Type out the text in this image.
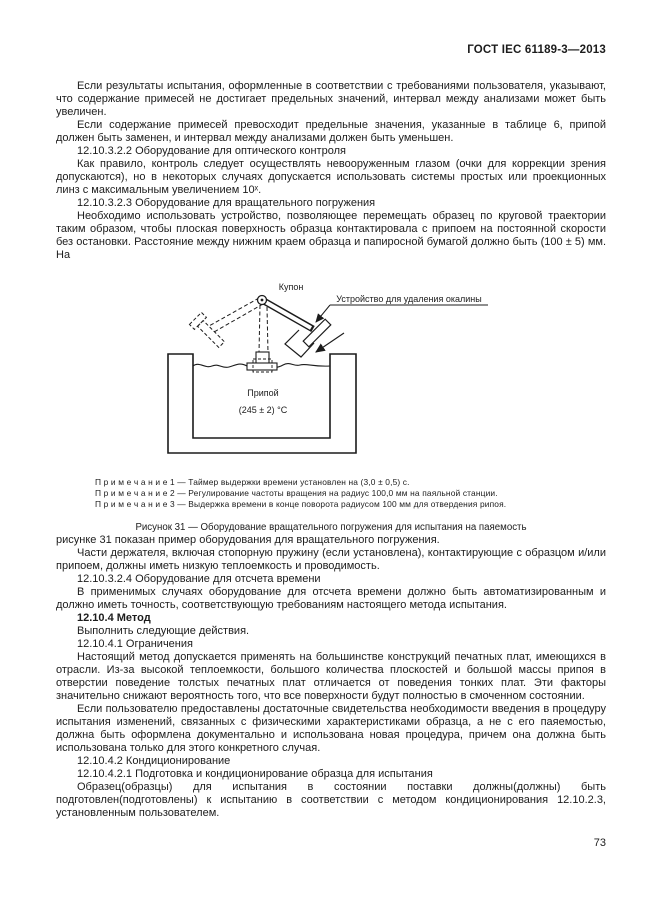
ГОСТ IEC 61189-3—2013

Если результаты испытания, оформленные в соответствии с требованиями пользователя, указывают, что содержание примесей не достигает предельных значений, интервал между анализами может быть увеличен.

Если содержание примесей превосходит предельные значения, указанные в таблице 6, припой должен быть заменен, и интервал между анализами должен быть уменьшен.

12.10.3.2.2 Оборудование для оптического контроля

Как правило, контроль следует осуществлять невооруженным глазом (очки для коррекции зрения допускаются), но в некоторых случаях допускается использовать системы простых или проекционных линз с максимальным увеличением 10ˣ.

12.10.3.2.3 Оборудование для вращательного погружения

Необходимо использовать устройство, позволяющее перемещать образец по круговой траектории таким образом, чтобы плоская поверхность образца контактировала с припоем на постоянной скорости без остановки. Расстояние между нижним краем образца и папиросной бумагой должно быть (100 ± 5) мм. На

Купон
Устройство для удаления окалины
Припой
(245 ± 2) °С

П р и м е ч а н и е 1 — Таймер выдержки времени установлен на (3,0 ± 0,5) с.

П р и м е ч а н и е 2 — Регулирование частоты вращения на радиус 100,0 мм на паяльной станции.

П р и м е ч а н и е 3 — Выдержка времени в конце поворота радиусом 100 мм для отвердения рипоя.

Рисунок 31 — Оборудование вращательного погружения для испытания на паяемость

рисунке 31 показан пример оборудования для вращательного погружения.

Части держателя, включая стопорную пружину (если установлена), контактирующие с образцом и/или припоем, должны иметь низкую теплоемкость и проводимость.

12.10.3.2.4 Оборудование для отсчета времени

В применимых случаях оборудование для отсчета времени должно быть автоматизированным и должно иметь точность, соответствующую требованиям настоящего метода испытания.

12.10.4 Метод

Выполнить следующие действия.

12.10.4.1 Ограничения

Настоящий метод допускается применять на большинстве конструкций печатных плат, имеющихся в отрасли. Из-за высокой теплоемкости, большого количества плоскостей и большой массы припоя в отверстии поведение толстых печатных плат отличается от поведения тонких плат. Эти факторы значительно снижают вероятность того, что все поверхности будут полностью в смоченном состоянии.

Если пользователю предоставлены достаточные свидетельства необходимости введения в процедуру испытания изменений, связанных с физическими характеристиками образца, а не с его паяемостью, должна быть оформлена документально и использована новая процедура, причем она должна быть использована только для этого конкретного случая.

12.10.4.2 Кондиционирование

12.10.4.2.1 Подготовка и кондиционирование образца для испытания

Образец(образцы) для испытания в состоянии поставки должны(должны) быть подготовлен(подготовлены) к испытанию в соответствии с методом кондиционирования 12.10.2.3, установленным пользователем.

73
